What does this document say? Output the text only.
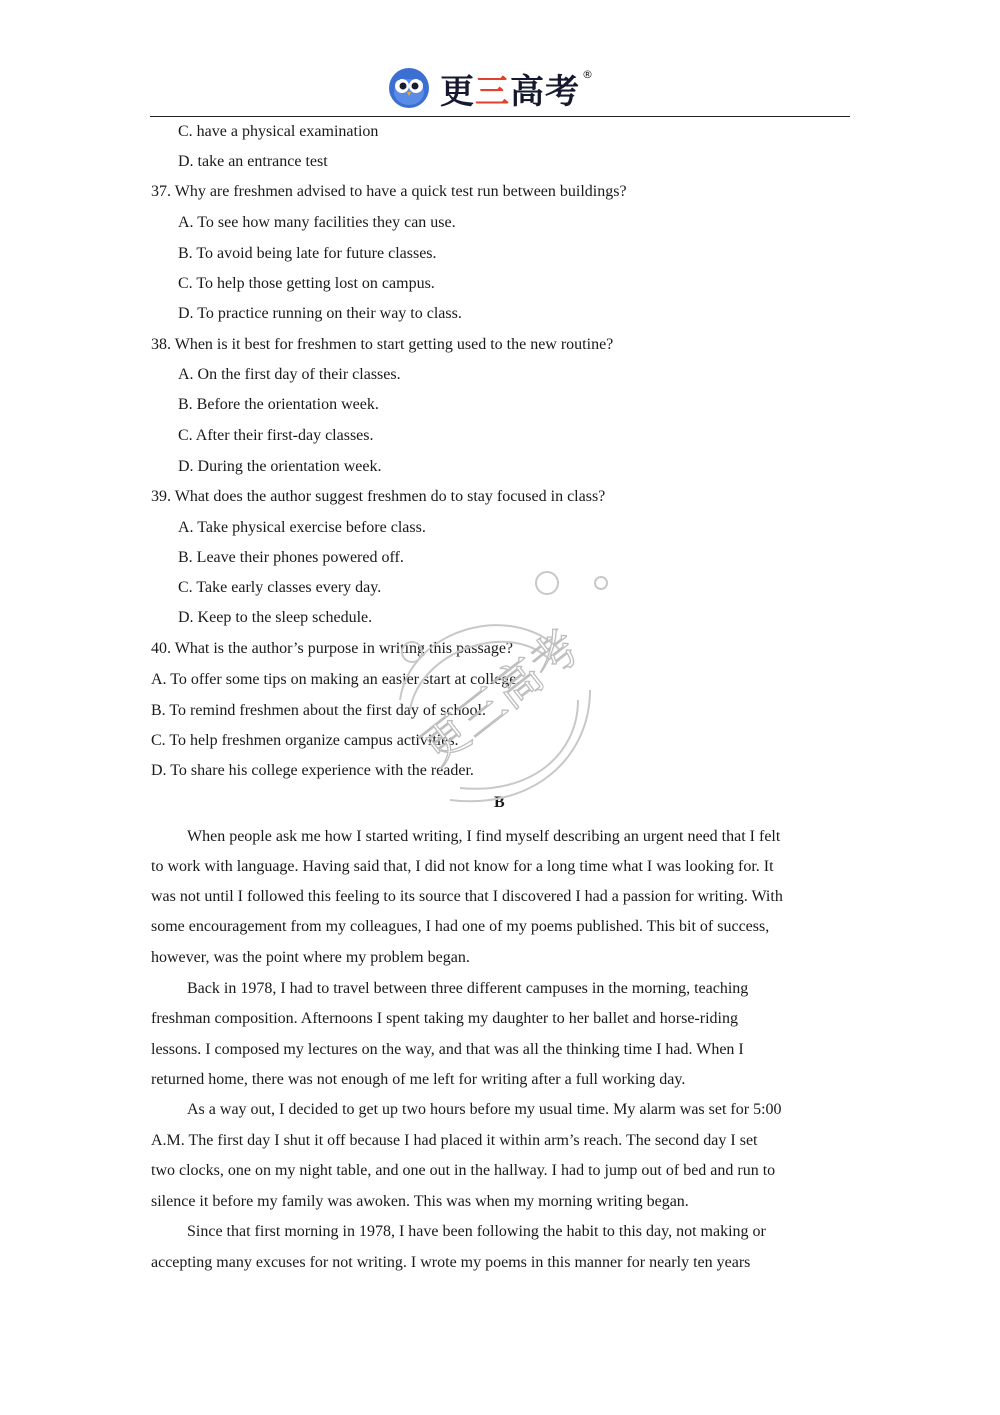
更三高考 ®
C. have a physical examination
D. take an entrance test
37. Why are freshmen advised to have a quick test run between buildings?
A. To see how many facilities they can use.
B. To avoid being late for future classes.
C. To help those getting lost on campus.
D. To practice running on their way to class.
38. When is it best for freshmen to start getting used to the new routine?
A. On the first day of their classes.
B. Before the orientation week.
C. After their first-day classes.
D. During the orientation week.
39. What does the author suggest freshmen do to stay focused in class?
A. Take physical exercise before class.
B. Leave their phones powered off.
C. Take early classes every day.
D. Keep to the sleep schedule.
40. What is the author’s purpose in writing this passage?
A. To offer some tips on making an easier start at college.
B. To remind freshmen about the first day of school.
C. To help freshmen organize campus activities.
D. To share his college experience with the reader.
B
When people ask me how I started writing, I find myself describing an urgent need that I felt
to work with language. Having said that, I did not know for a long time what I was looking for. It
was not until I followed this feeling to its source that I discovered I had a passion for writing. With
some encouragement from my colleagues, I had one of my poems published. This bit of success,
however, was the point where my problem began.
Back in 1978, I had to travel between three different campuses in the morning, teaching
freshman composition. Afternoons I spent taking my daughter to her ballet and horse-riding
lessons. I composed my lectures on the way, and that was all the thinking time I had. When I
returned home, there was not enough of me left for writing after a full working day.
As a way out, I decided to get up two hours before my usual time. My alarm was set for 5:00
A.M. The first day I shut it off because I had placed it within arm’s reach. The second day I set
two clocks, one on my night table, and one out in the hallway. I had to jump out of bed and run to
silence it before my family was awoken. This was when my morning writing began.
Since that first morning in 1978, I have been following the habit to this day, not making or
accepting many excuses for not writing. I wrote my poems in this manner for nearly ten years
更三高考
